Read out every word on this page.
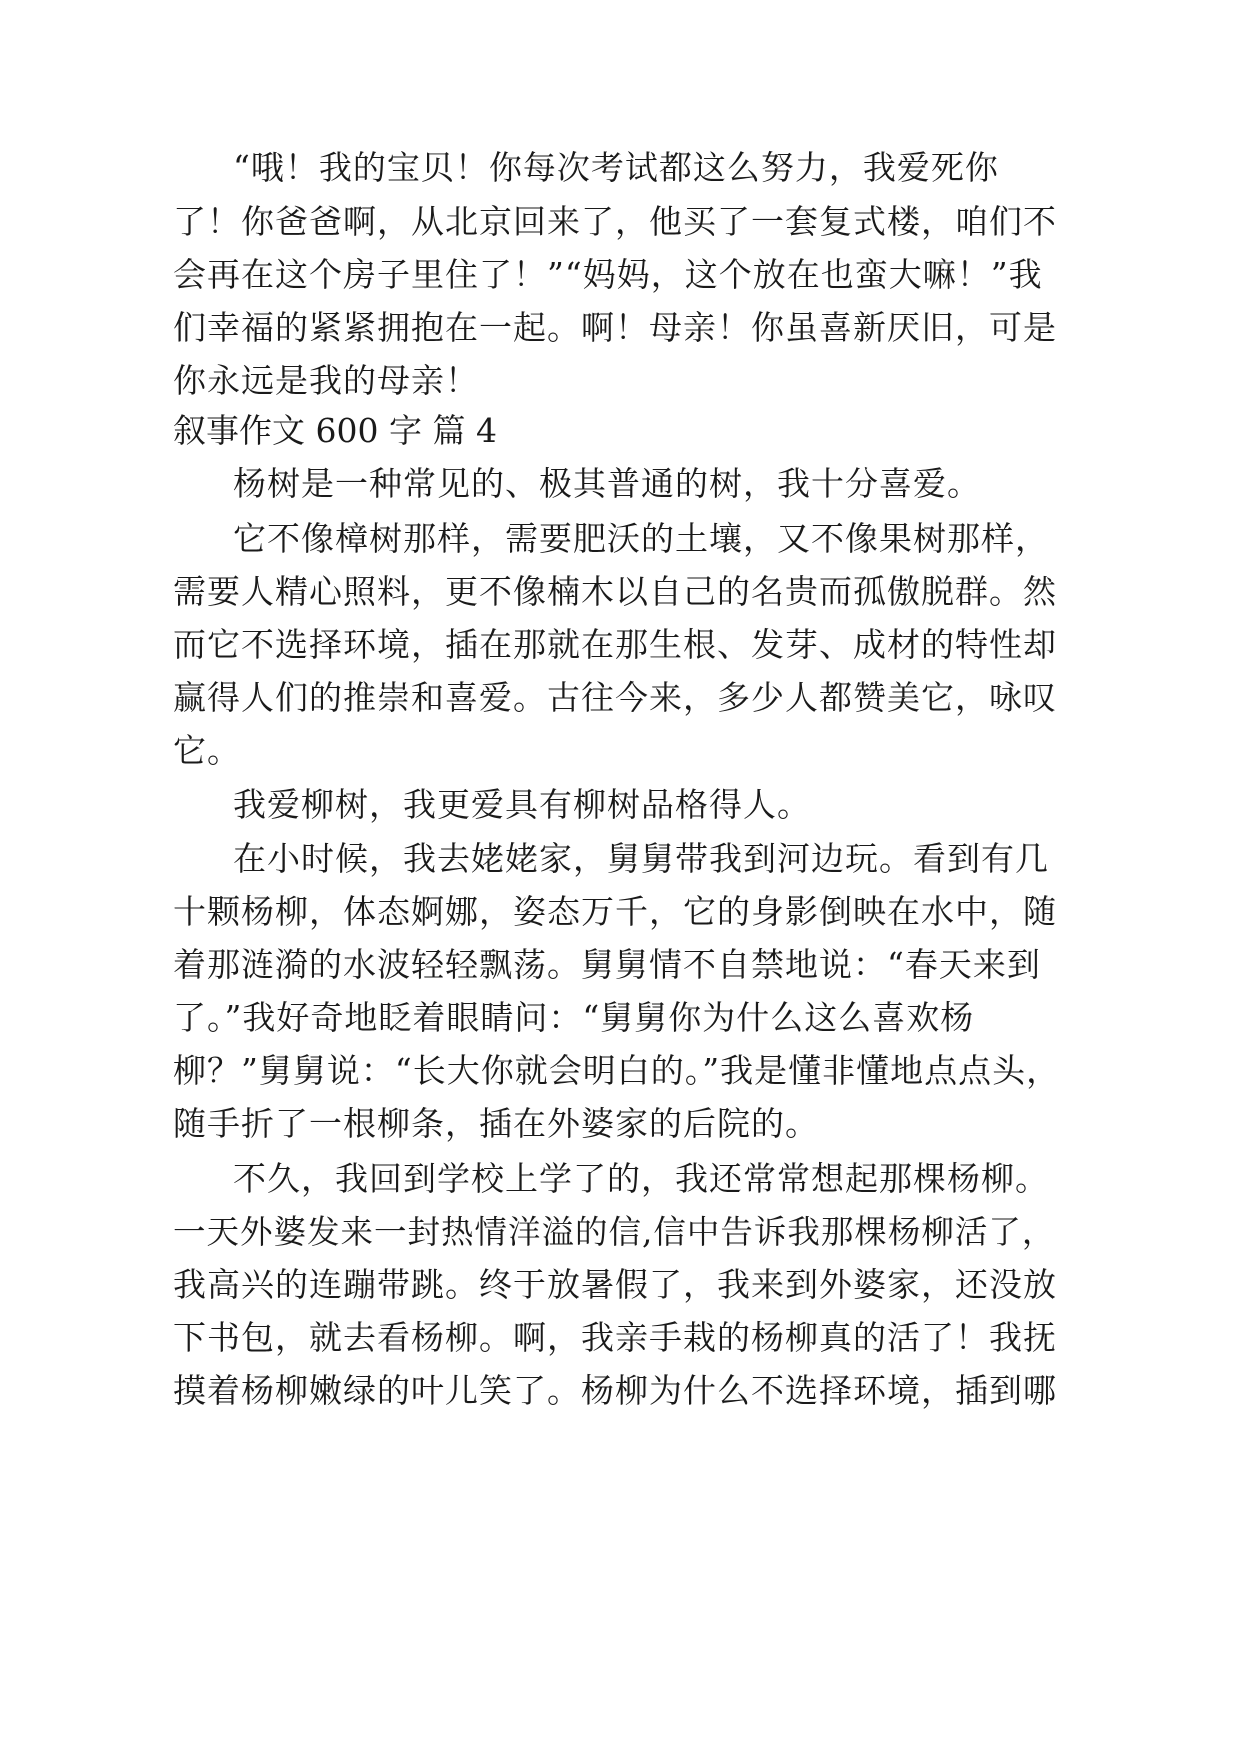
“哦！我的宝贝！你每次考试都这么努力，我爱死你
了！你爸爸啊，从北京回来了，他买了一套复式楼，咱们不
会再在这个房子里住了！”“妈妈，这个放在也蛮大嘛！”我
们幸福的紧紧拥抱在一起。啊！母亲！你虽喜新厌旧，可是
你永远是我的母亲！
叙事作文 600 字 篇 4
杨树是一种常见的、极其普通的树，我十分喜爱。
它不像樟树那样，需要肥沃的土壤，又不像果树那样，
需要人精心照料，更不像楠木以自己的名贵而孤傲脱群。然
而它不选择环境，插在那就在那生根、发芽、成材的特性却
赢得人们的推崇和喜爱。古往今来，多少人都赞美它，咏叹
它。
我爱柳树，我更爱具有柳树品格得人。
在小时候，我去姥姥家，舅舅带我到河边玩。看到有几
十颗杨柳，体态婀娜，姿态万千，它的身影倒映在水中，随
着那涟漪的水波轻轻飘荡。舅舅情不自禁地说：“春天来到
了。”我好奇地眨着眼睛问：“舅舅你为什么这么喜欢杨
柳？”舅舅说：“长大你就会明白的。”我是懂非懂地点点头，
随手折了一根柳条，插在外婆家的后院的。
不久，我回到学校上学了的，我还常常想起那棵杨柳。
一天外婆发来一封热情洋溢的信,信中告诉我那棵杨柳活了，
我高兴的连蹦带跳。终于放暑假了，我来到外婆家，还没放
下书包，就去看杨柳。啊，我亲手栽的杨柳真的活了！我抚
摸着杨柳嫩绿的叶儿笑了。杨柳为什么不选择环境，插到哪
